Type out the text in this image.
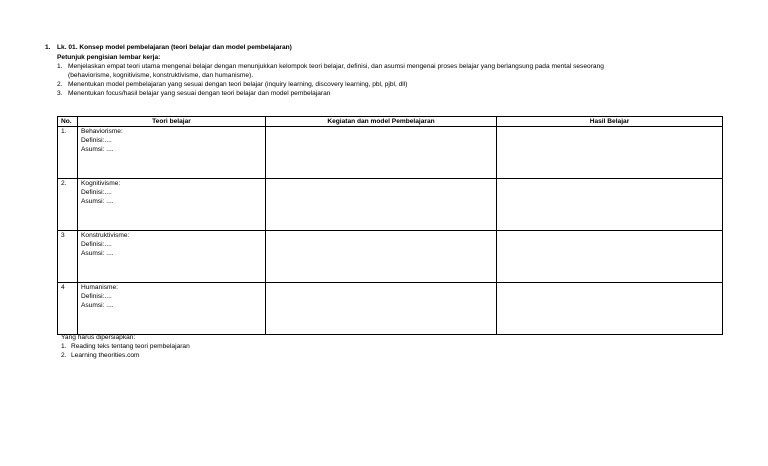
1. Lk. 01. Konsep model pembelajaran (teori belajar dan model pembelajaran)
Petunjuk pengisian lembar kerja:
1. Menjelaskan empat teori utama mengenai belajar dengan menunjukkan kelompok teori belajar, definisi, dan asumsi mengenai proses belajar yang berlangsung pada mental seseorang
(behaviorisme, kognitivisme, konstruktivisme, dan humanisme).
2. Menentukan model pembelajaran yang sesuai dengan teori belajar (inquiry learning, discovery learning, pbl, pjbl, dll)
3. Menentukan focus/hasil belajar yang sesuai dengan teori belajar dan model pembelajaran
No.	Teori belajar	Kegiatan dan model Pembelajaran	Hasil Belajar
1.	Behaviorisme:
Definisi:....
Asumsi: ....		

2.	Kognitivisme:
Definisi:....
Asumsi: ....		

3	Konstruktivisme:
Definisi:....
Asumsi: ....		

4	Humanisme:
Definisi:....
Asumsi: ....		

Yang harus dipersiapkan:
1. Reading teks tentang teori pembelajaran
2. Learning theorities.com
